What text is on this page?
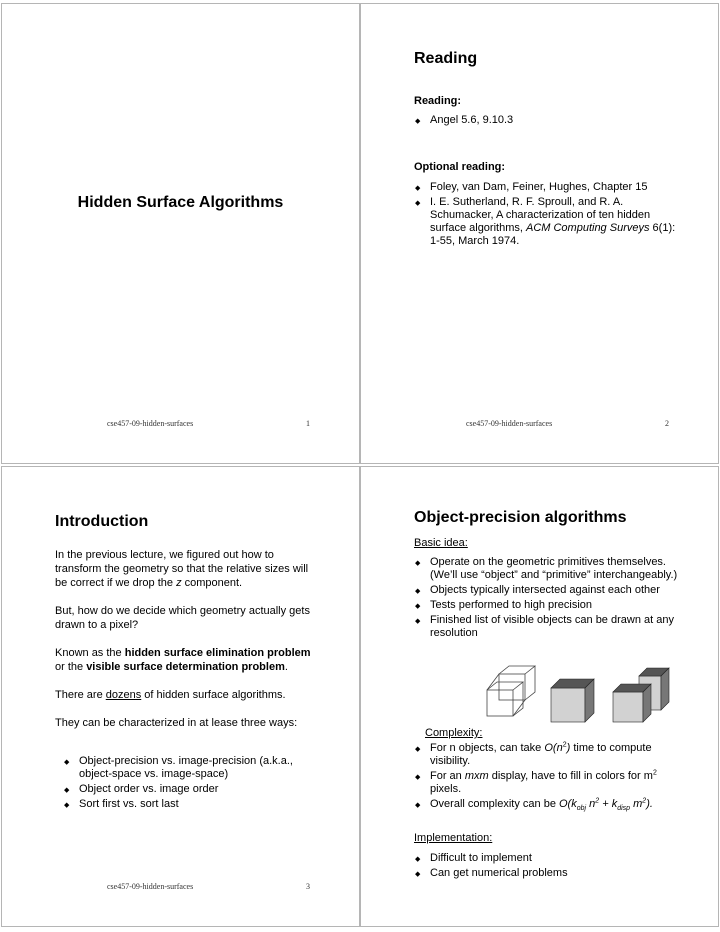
Hidden Surface Algorithms
cse457-09-hidden-surfaces	1
Reading
Reading:
◆ Angel 5.6, 9.10.3
Optional reading:
◆ Foley, van Dam, Feiner, Hughes, Chapter 15
◆ I. E. Sutherland, R. F. Sproull, and R. A. Schumacker, A characterization of ten hidden surface algorithms, ACM Computing Surveys 6(1): 1-55, March 1974.
cse457-09-hidden-surfaces	2
Introduction

In the previous lecture, we figured out how to transform the geometry so that the relative sizes will be correct if we drop the z component.

But, how do we decide which geometry actually gets drawn to a pixel?

Known as the hidden surface elimination problem or the visible surface determination problem.

There are dozens of hidden surface algorithms.

They can be characterized in at lease three ways:

◆ Object-precision vs. image-precision (a.k.a., object-space vs. image-space)
◆ Object order vs. image order
◆ Sort first vs. sort last
cse457-09-hidden-surfaces	3
Object-precision algorithms
Basic idea:
◆ Operate on the geometric primitives themselves. (We’ll use “object” and “primitive” interchangeably.)
◆ Objects typically intersected against each other
◆ Tests performed to high precision
◆ Finished list of visible objects can be drawn at any resolution
Complexity:
◆ For n objects, can take $O(n^2)$ time to compute visibility.
◆ For an mxm display, have to fill in colors for $m^2$ pixels.
◆ Overall complexity can be $O(k_{obj}$ $n^2 + k_{disp}$ $m^2$).
Implementation:
◆ Difficult to implement
◆ Can get numerical problems
